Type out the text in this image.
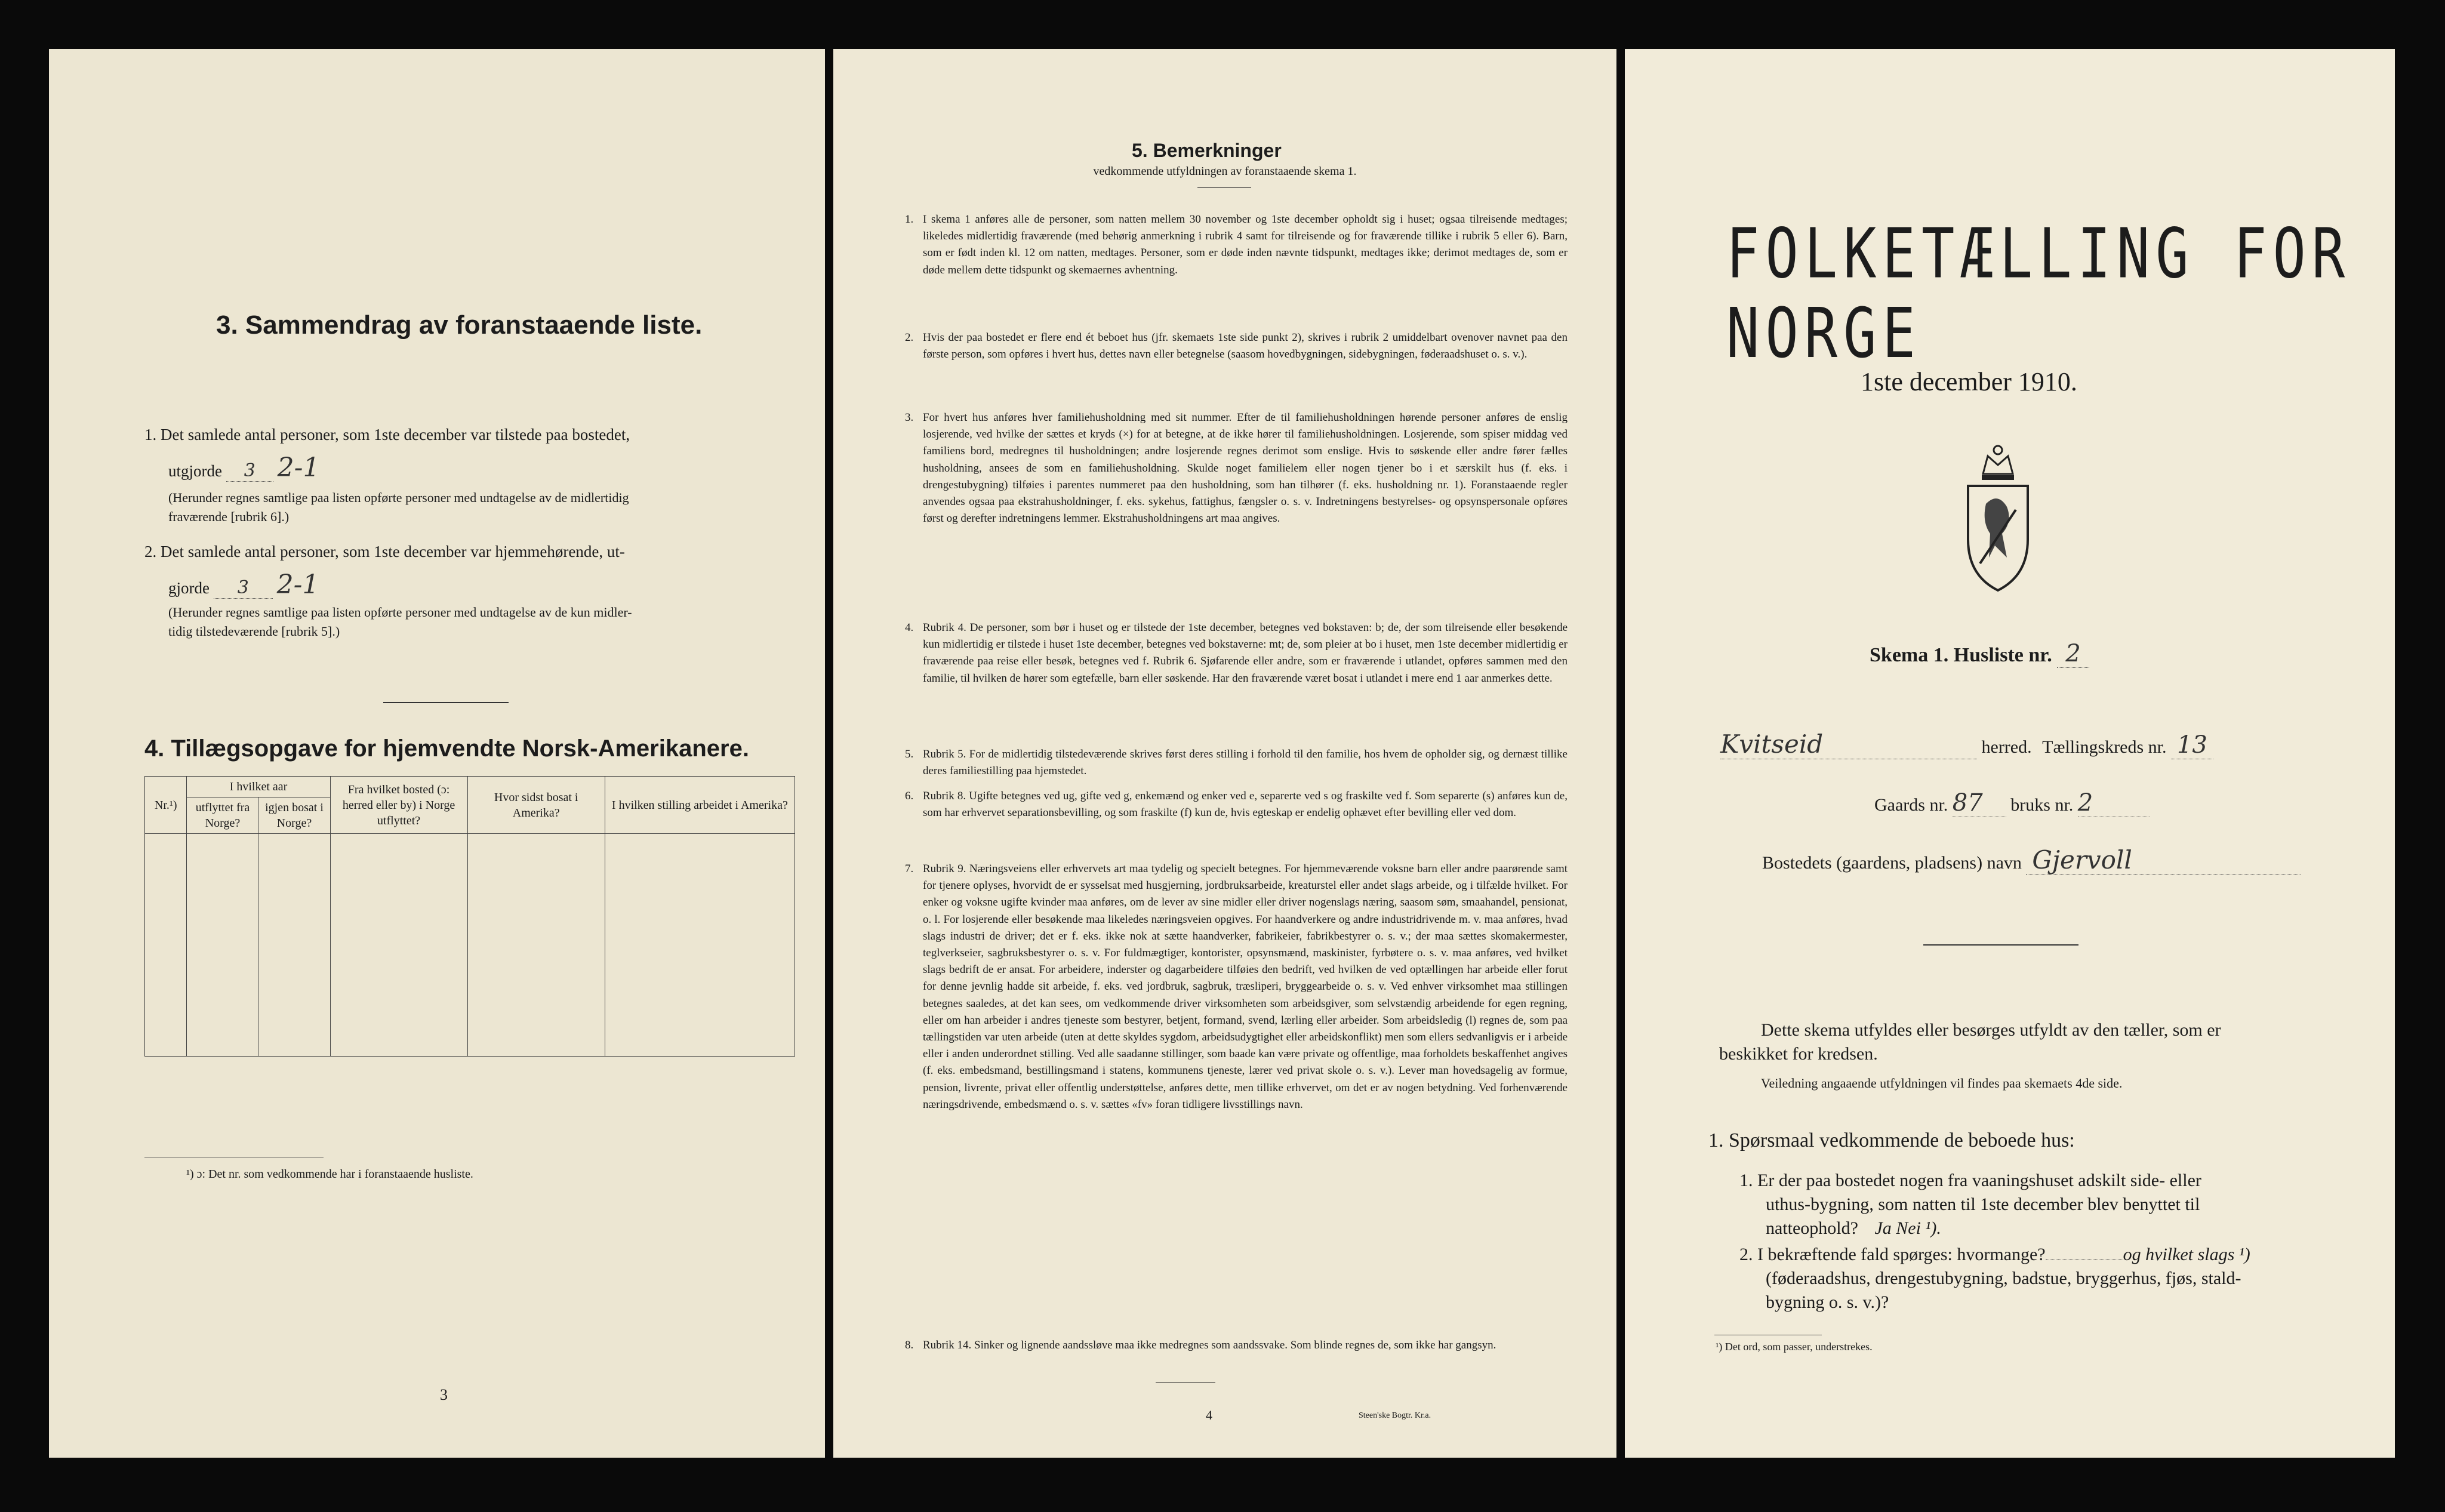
3. Sammendrag av foranstaaende liste.
1. Det samlede antal personer, som 1ste december var tilstede paa bostedet,
utgjorde 3 2-1
(Herunder regnes samtlige paa listen opførte personer med undtagelse av de midlertidig
fraværende [rubrik 6].)
2. Det samlede antal personer, som 1ste december var hjemmehørende, ut-
gjorde 3 2-1
(Herunder regnes samtlige paa listen opførte personer med undtagelse av de kun midler-
tidig tilstedeværende [rubrik 5].)
4. Tillægsopgave for hjemvendte Norsk-Amerikanere.
Nr.¹)	I hvilket aar		Fra hvilket bosted (ɔ: herred eller by) i Norge utflyttet?	Hvor sidst bosat i Amerika?	I hvilken stilling arbeidet i Amerika?
	utflyttet fra Norge?	igjen bosat i Norge?			

¹) ɔ: Det nr. som vedkommende har i foranstaaende husliste.
3
5. Bemerkninger
vedkommende utfyldningen av foranstaaende skema 1.
1. I skema 1 anføres alle de personer, som natten mellem 30 november og 1ste december opholdt sig i huset; ogsaa tilreisende medtages; likeledes midlertidig fraværende (med behørig anmerkning i rubrik 4 samt for tilreisende og for fraværende tillike i rubrik 5 eller 6). Barn, som er født inden kl. 12 om natten, medtages. Personer, som er døde inden nævnte tidspunkt, medtages ikke; derimot medtages de, som er døde mellem dette tidspunkt og skemaernes avhentning.
2. Hvis der paa bostedet er flere end ét beboet hus (jfr. skemaets 1ste side punkt 2), skrives i rubrik 2 umiddelbart ovenover navnet paa den første person, som opføres i hvert hus, dettes navn eller betegnelse (saasom hovedbygningen, sidebygningen, føderaadshuset o. s. v.).
3. For hvert hus anføres hver familiehusholdning med sit nummer. Efter de til familiehusholdningen hørende personer anføres de enslig losjerende, ved hvilke der sættes et kryds (×) for at betegne, at de ikke hører til familiehusholdningen. Losjerende, som spiser middag ved familiens bord, medregnes til husholdningen; andre losjerende regnes derimot som enslige. Hvis to søskende eller andre fører fælles husholdning, ansees de som en familiehusholdning. Skulde noget familielem eller nogen tjener bo i et særskilt hus (f. eks. i drengestubygning) tilføies i parentes nummeret paa den husholdning, som han tilhører (f. eks. husholdning nr. 1). Foranstaaende regler anvendes ogsaa paa ekstrahusholdninger, f. eks. sykehus, fattighus, fængsler o. s. v. Indretningens bestyrelses- og opsynspersonale opføres først og derefter indretningens lemmer. Ekstrahusholdningens art maa angives.
4. Rubrik 4. De personer, som bør i huset og er tilstede der 1ste december, betegnes ved bokstaven: b; de, der som tilreisende eller besøkende kun midlertidig er tilstede i huset 1ste december, betegnes ved bokstaverne: mt; de, som pleier at bo i huset, men 1ste december midlertidig er fraværende paa reise eller besøk, betegnes ved f. Rubrik 6. Sjøfarende eller andre, som er fraværende i utlandet, opføres sammen med den familie, til hvilken de hører som egtefælle, barn eller søskende. Har den fraværende været bosat i utlandet i mere end 1 aar anmerkes dette.
5. Rubrik 5. For de midlertidig tilstedeværende skrives først deres stilling i forhold til den familie, hos hvem de opholder sig, og dernæst tillike deres familiestilling paa hjemstedet.
6. Rubrik 8. Ugifte betegnes ved ug, gifte ved g, enkemænd og enker ved e, separerte ved s og fraskilte ved f. Som separerte (s) anføres kun de, som har erhvervet separationsbevilling, og som fraskilte (f) kun de, hvis egteskap er endelig ophævet efter bevilling eller ved dom.
7. Rubrik 9. Næringsveiens eller erhvervets art maa tydelig og specielt betegnes. For hjemmeværende voksne barn eller andre paarørende samt for tjenere oplyses, hvorvidt de er sysselsat med husgjerning, jordbruksarbeide, kreaturstel eller andet slags arbeide, og i tilfælde hvilket. For enker og voksne ugifte kvinder maa anføres, om de lever av sine midler eller driver nogenslags næring, saasom søm, smaahandel, pensionat, o. l. For losjerende eller besøkende maa likeledes næringsveien opgives. For haandverkere og andre industridrivende m. v. maa anføres, hvad slags industri de driver; det er f. eks. ikke nok at sætte haandverker, fabrikeier, fabrikbestyrer o. s. v.; der maa sættes skomakermester, teglverkseier, sagbruksbestyrer o. s. v. For fuldmægtiger, kontorister, opsynsmænd, maskinister, fyrbøtere o. s. v. maa anføres, ved hvilket slags bedrift de er ansat. For arbeidere, inderster og dagarbeidere tilføies den bedrift, ved hvilken de ved optællingen har arbeide eller forut for denne jevnlig hadde sit arbeide, f. eks. ved jordbruk, sagbruk, træsliperi, bryggearbeide o. s. v. Ved enhver virksomhet maa stillingen betegnes saaledes, at det kan sees, om vedkommende driver virksomheten som arbeidsgiver, som selvstændig arbeidende for egen regning, eller om han arbeider i andres tjeneste som bestyrer, betjent, formand, svend, lærling eller arbeider. Som arbeidsledig (l) regnes de, som paa tællingstiden var uten arbeide (uten at dette skyldes sygdom, arbeidsudygtighet eller arbeidskonflikt) men som ellers sedvanligvis er i arbeide eller i anden underordnet stilling. Ved alle saadanne stillinger, som baade kan være private og offentlige, maa forholdets beskaffenhet angives (f. eks. embedsmand, bestillingsmand i statens, kommunens tjeneste, lærer ved privat skole o. s. v.). Lever man hovedsagelig av formue, pension, livrente, privat eller offentlig understøttelse, anføres dette, men tillike erhvervet, om det er av nogen betydning. Ved forhenværende næringsdrivende, embedsmænd o. s. v. sættes «fv» foran tidligere livsstillings navn.
8. Rubrik 14. Sinker og lignende aandssløve maa ikke medregnes som aandssvake. Som blinde regnes de, som ikke har gangsyn.
4	Steen'ske Bogtr. Kr.a.
FOLKETÆLLING FOR NORGE
1ste december 1910.
Skema 1. Husliste nr. 2
Kvitseid	herred. Tællingskreds nr. 13
Gaards nr. 87 bruks nr. 2
Bostedets (gaardens, pladsens) navn Gjervoll
Dette skema utfyldes eller besørges utfyldt av den tæller, som er
beskikket for kredsen.
Veiledning angaaende utfyldningen vil findes paa skemaets 4de side.
1. Spørsmaal vedkommende de beboede hus:
1. Er der paa bostedet nogen fra vaaningshuset adskilt side- eller
uthus-bygning, som natten til 1ste december blev benyttet til
natteophold? Ja Nei ¹).
2. I bekræftende fald spørges: hvormange?	og hvilket slags ¹)
(føderaadshus, drengestubygning, badstue, bryggerhus, fjøs, stald-
bygning o. s. v.)?
¹) Det ord, som passer, understrekes.
